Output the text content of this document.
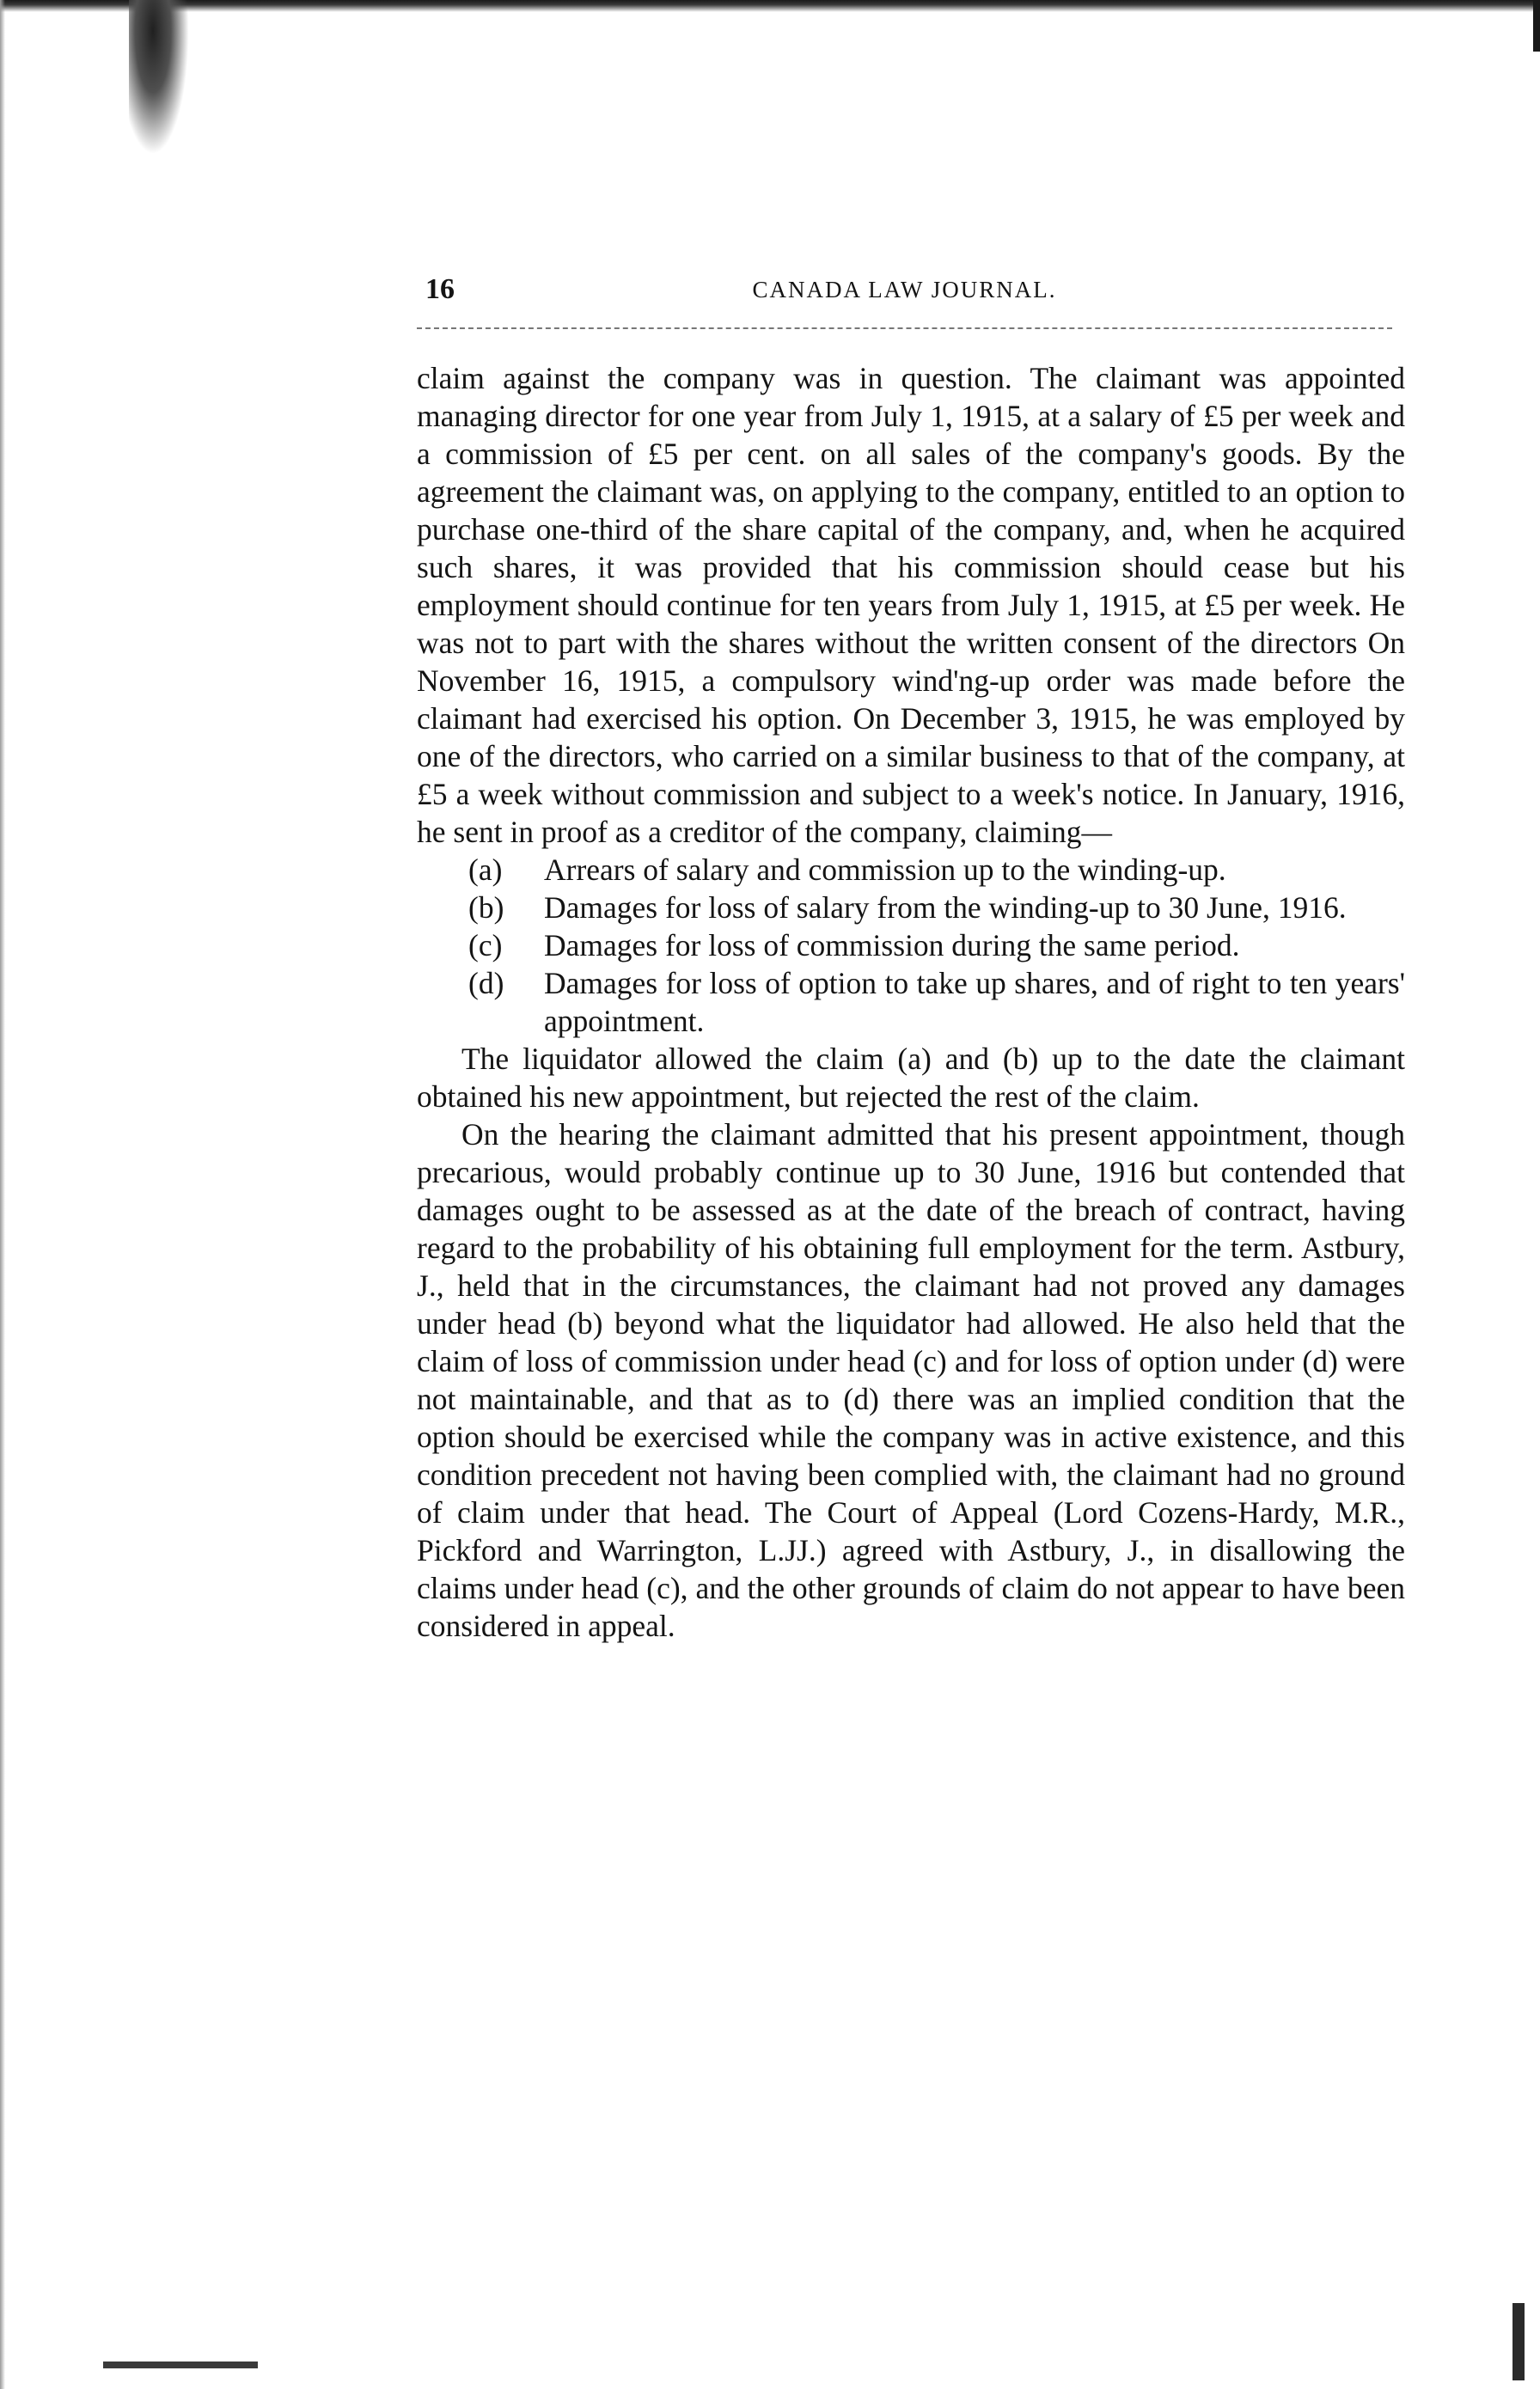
16	CANADA LAW JOURNAL.

claim against the company was in question. The claimant was appointed managing director for one year from July 1, 1915, at a salary of £5 per week and a commission of £5 per cent. on all sales of the company's goods. By the agreement the claimant was, on applying to the company, entitled to an option to purchase one-third of the share capital of the company, and, when he acquired such shares, it was provided that his commission should cease but his employment should continue for ten years from July 1, 1915, at £5 per week. He was not to part with the shares without the written consent of the directors On November 16, 1915, a compulsory wind'ng-up order was made before the claimant had exercised his option. On December 3, 1915, he was employed by one of the directors, who carried on a similar business to that of the company, at £5 a week without commission and subject to a week's notice. In January, 1916, he sent in proof as a creditor of the company, claiming—

(a) Arrears of salary and commission up to the winding-up.
(b) Damages for loss of salary from the winding-up to 30 June, 1916.
(c) Damages for loss of commission during the same period.
(d) Damages for loss of option to take up shares, and of right to ten years' appointment.

The liquidator allowed the claim (a) and (b) up to the date the claimant obtained his new appointment, but rejected the rest of the claim.

On the hearing the claimant admitted that his present appointment, though precarious, would probably continue up to 30 June, 1916 but contended that damages ought to be assessed as at the date of the breach of contract, having regard to the probability of his obtaining full employment for the term. Astbury, J., held that in the circumstances, the claimant had not proved any damages under head (b) beyond what the liquidator had allowed. He also held that the claim of loss of commission under head (c) and for loss of option under (d) were not maintainable, and that as to (d) there was an implied condition that the option should be exercised while the company was in active existence, and this condition precedent not having been complied with, the claimant had no ground of claim under that head. The Court of Appeal (Lord Cozens-Hardy, M.R., Pickford and Warrington, L.JJ.) agreed with Astbury, J., in disallowing the claims under head (c), and the other grounds of claim do not appear to have been considered in appeal.
